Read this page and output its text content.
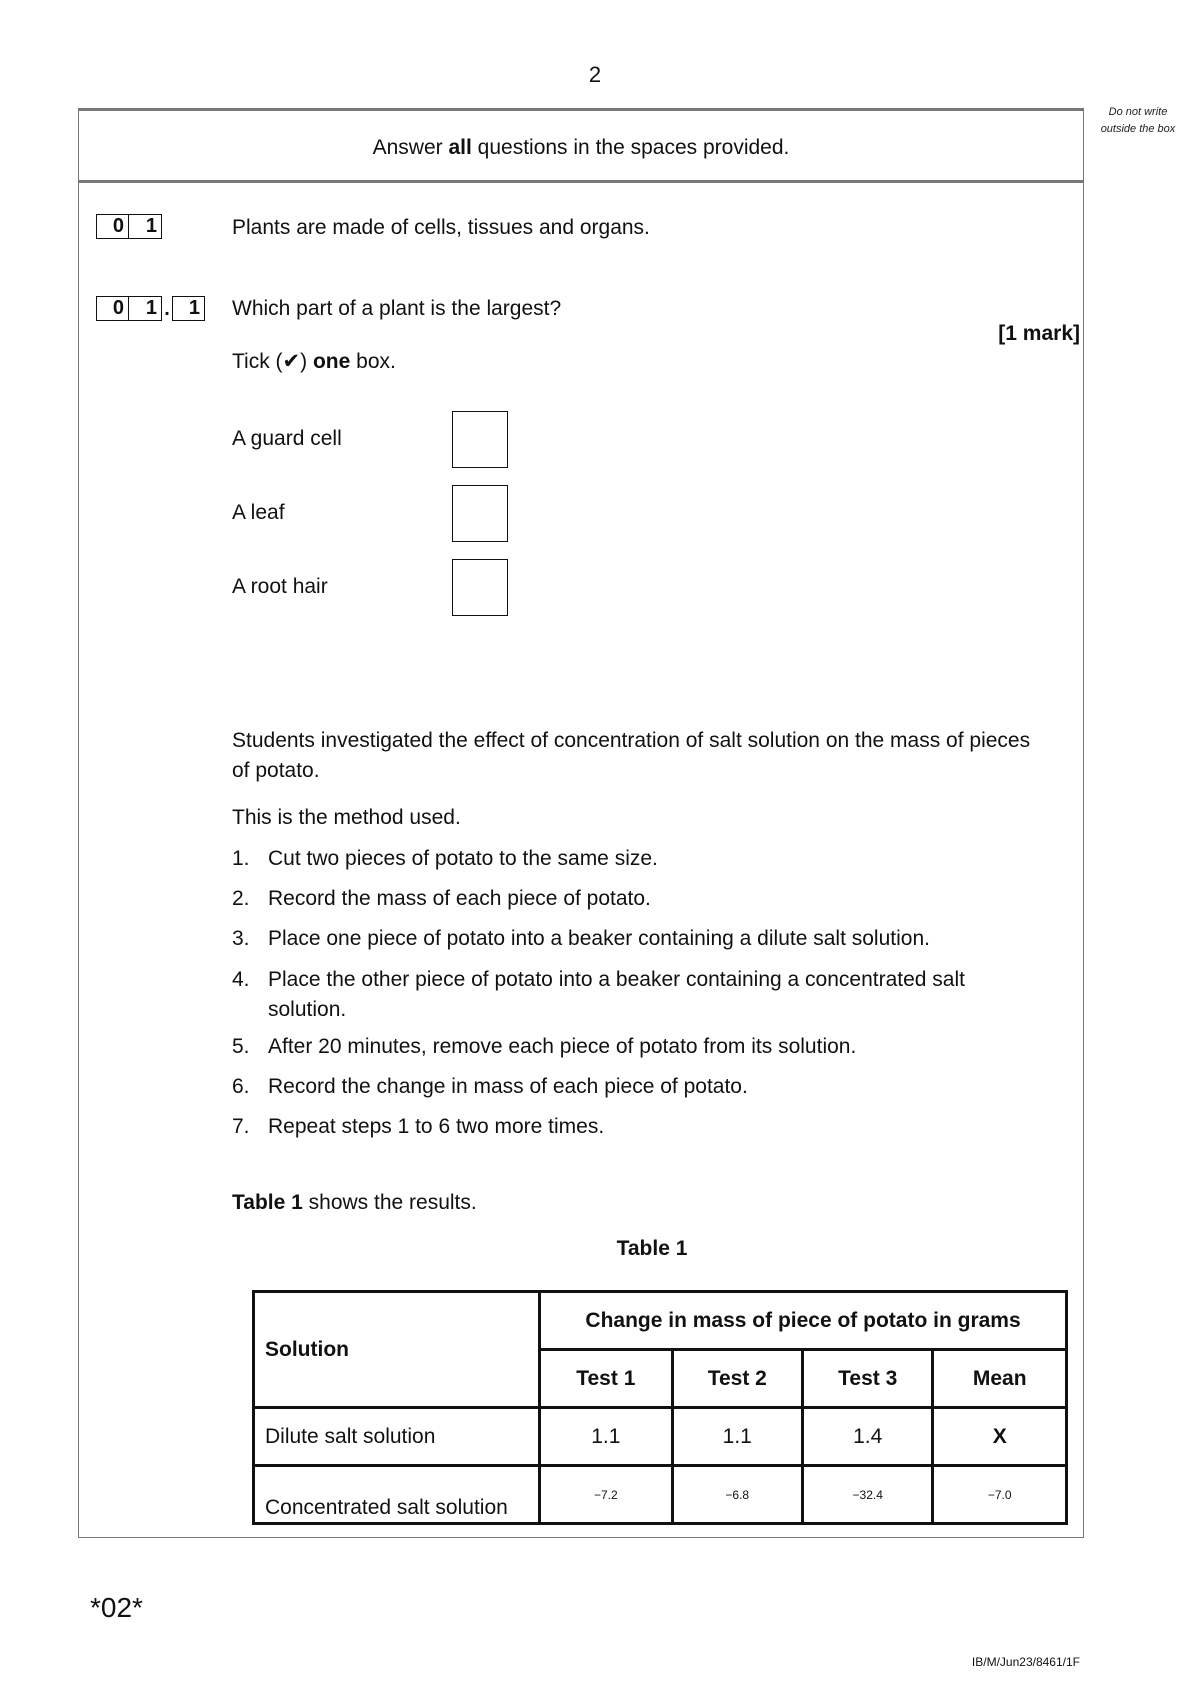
2
Do not write outside the box
Answer all questions in the spaces provided.
0	1	Plants are made of cells, tissues and organs.
0	1 . 1 Which part of a plant is the largest?
[1 mark]
Tick (✔) one box.
A guard cell
A leaf
A root hair
Students investigated the effect of concentration of salt solution on the mass of pieces of potato.
This is the method used.
1. Cut two pieces of potato to the same size.
2. Record the mass of each piece of potato.
3. Place one piece of potato into a beaker containing a dilute salt solution.
4. Place the other piece of potato into a beaker containing a concentrated salt solution.
5. After 20 minutes, remove each piece of potato from its solution.
6. Record the change in mass of each piece of potato.
7. Repeat steps 1 to 6 two more times.
Table 1 shows the results.
Table 1
Solution	Change in mass of piece of potato in grams			
	Test 1	Test 2	Test 3	Mean
Dilute salt solution	1.1	1.1	1.4	X
Concentrated salt solution	−7.2	−6.8	−32.4	−7.0
*02*
IB/M/Jun23/8461/1F
